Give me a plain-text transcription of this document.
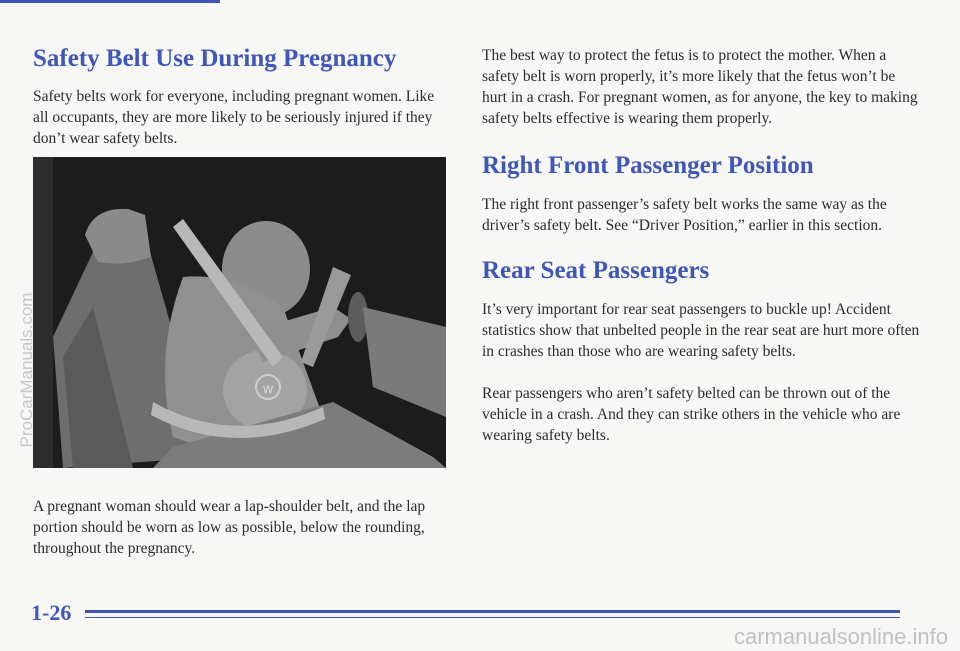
Safety Belt Use During Pregnancy

Safety belts work for everyone, including pregnant women. Like all occupants, they are more likely to be seriously injured if they don’t wear safety belts.

w

A pregnant woman should wear a lap-shoulder belt, and the lap portion should be worn as low as possible, below the rounding, throughout the pregnancy.

The best way to protect the fetus is to protect the mother. When a safety belt is worn properly, it’s more likely that the fetus won’t be hurt in a crash. For pregnant women, as for anyone, the key to making safety belts effective is wearing them properly.

Right Front Passenger Position

The right front passenger’s safety belt works the same way as the driver’s safety belt. See “Driver Position,” earlier in this section.

Rear Seat Passengers

It’s very important for rear seat passengers to buckle up! Accident statistics show that unbelted people in the rear seat are hurt more often in crashes than those who are wearing safety belts.

Rear passengers who aren’t safety belted can be thrown out of the vehicle in a crash. And they can strike others in the vehicle who are wearing safety belts.

1-26

ProCarManuals.com
carmanualsonline.info
